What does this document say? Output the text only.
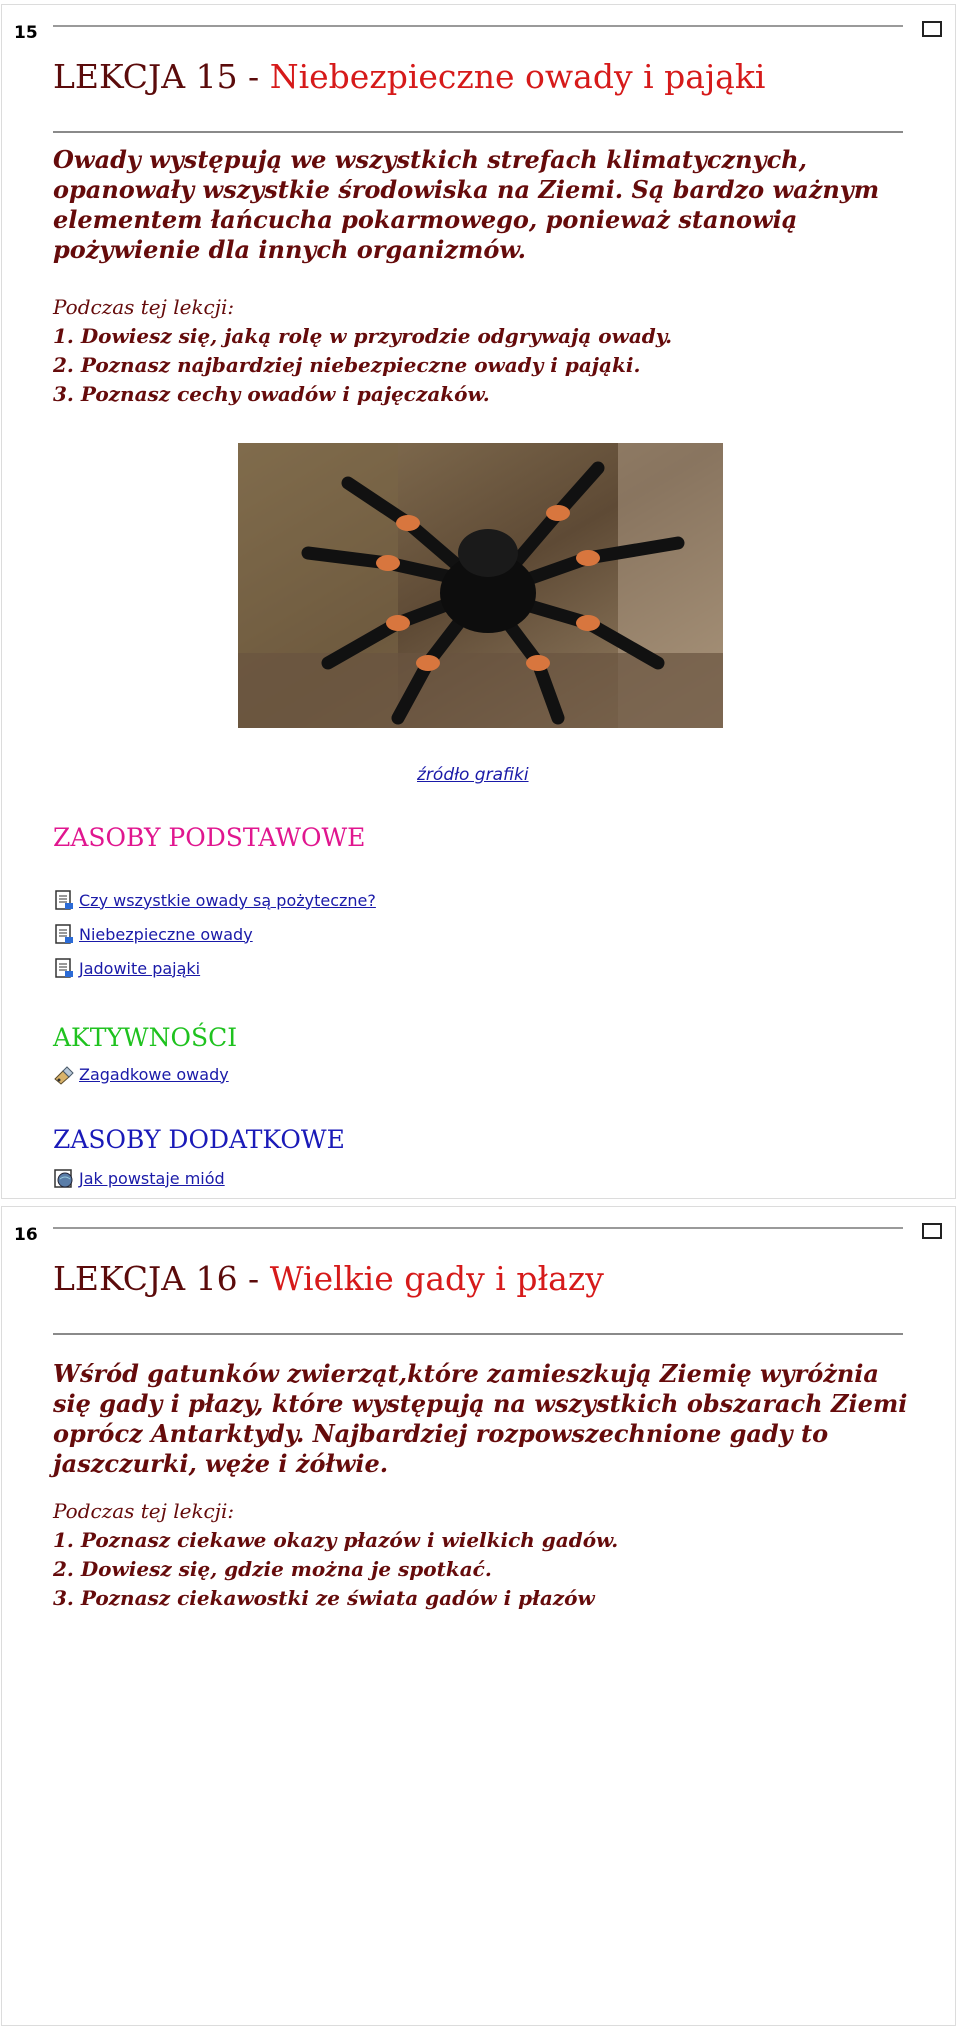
15
LEKCJA 15 - Niebezpieczne owady i pająki

Owady występują we wszystkich strefach klimatycznych, opanowały wszystkie środowiska na Ziemi. Są bardzo ważnym elementem łańcucha pokarmowego, ponieważ stanowią pożywienie dla innych organizmów.

Podczas tej lekcji:
1. Dowiesz się, jaką rolę w przyrodzie odgrywają owady.
2. Poznasz najbardziej niebezpieczne owady i pająki.
3. Poznasz cechy owadów i pajęczaków.
źródło grafiki
ZASOBY PODSTAWOWE
Czy wszystkie owady są pożyteczne?
Niebezpieczne owady
Jadowite pająki
AKTYWNOŚCI
Zagadkowe owady
ZASOBY DODATKOWE
Jak powstaje miód
16
LEKCJA 16 - Wielkie gady i płazy

Wśród gatunków zwierząt,które zamieszkują Ziemię wyróżnia się gady i płazy, które występują na wszystkich obszarach Ziemi oprócz Antarktydy. Najbardziej rozpowszechnione gady to jaszczurki, węże i żółwie.

Podczas tej lekcji:
1. Poznasz ciekawe okazy płazów i wielkich gadów.
2. Dowiesz się, gdzie można je spotkać.
3. Poznasz ciekawostki ze świata gadów i płazów
